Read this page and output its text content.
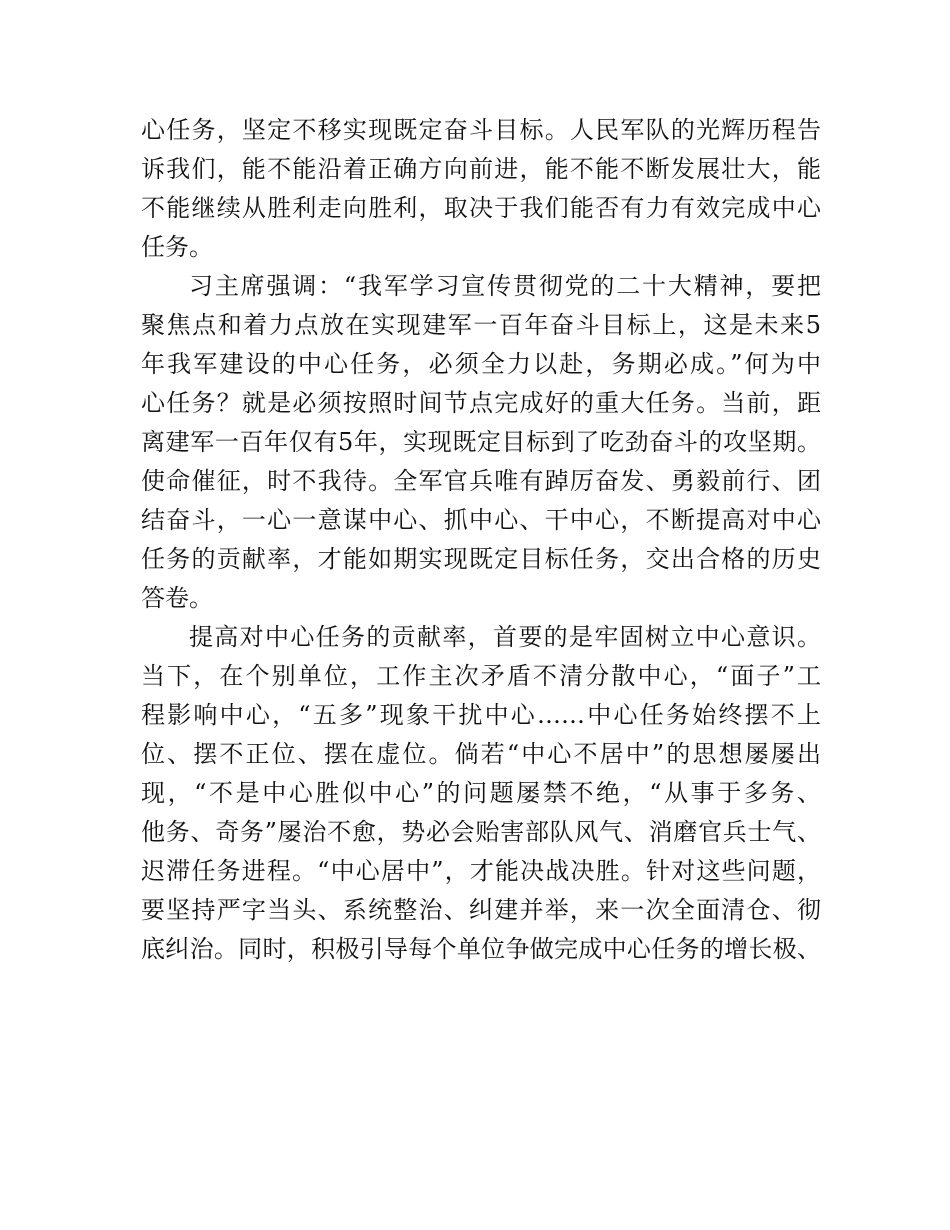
心任务，坚定不移实现既定奋斗目标。人民军队的光辉历程告
诉我们，能不能沿着正确方向前进，能不能不断发展壮大，能
不能继续从胜利走向胜利，取决于我们能否有力有效完成中心
任务。
习主席强调：“我军学习宣传贯彻党的二十大精神，要把
聚焦点和着力点放在实现建军一百年奋斗目标上，这是未来5
年我军建设的中心任务，必须全力以赴，务期必成。”何为中
心任务？就是必须按照时间节点完成好的重大任务。当前，距
离建军一百年仅有5年，实现既定目标到了吃劲奋斗的攻坚期。
使命催征，时不我待。全军官兵唯有踔厉奋发、勇毅前行、团
结奋斗，一心一意谋中心、抓中心、干中心，不断提高对中心
任务的贡献率，才能如期实现既定目标任务，交出合格的历史
答卷。
提高对中心任务的贡献率，首要的是牢固树立中心意识。
当下，在个别单位，工作主次矛盾不清分散中心，“面子”工
程影响中心，“五多”现象干扰中心……中心任务始终摆不上
位、摆不正位、摆在虚位。倘若“中心不居中”的思想屡屡出
现，“不是中心胜似中心”的问题屡禁不绝，“从事于多务、
他务、奇务”屡治不愈，势必会贻害部队风气、消磨官兵士气、
迟滞任务进程。“中心居中”，才能决战决胜。针对这些问题，
要坚持严字当头、系统整治、纠建并举，来一次全面清仓、彻
底纠治。同时，积极引导每个单位争做完成中心任务的增长极、
